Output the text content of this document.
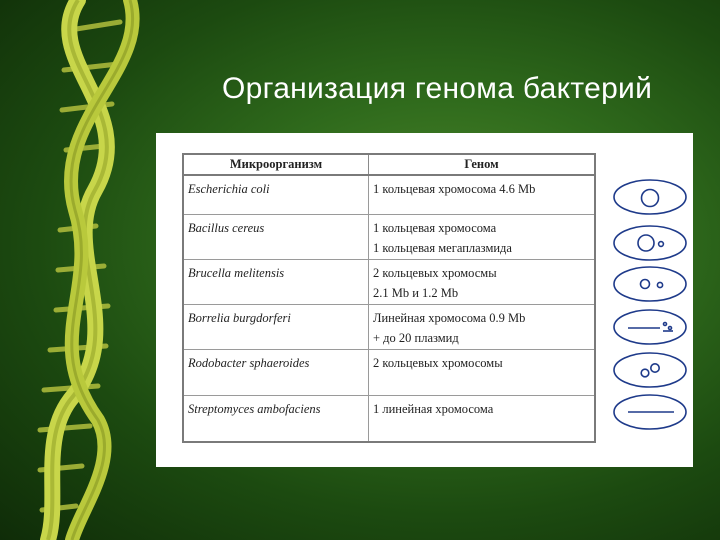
Организация генома бактерий
Микроорганизм	Геном
Escherichia coli	1 кольцевая хромосома 4.6 Mb

Bacillus cereus	1 кольцевая хромосома
1 кольцевая мегаплазмида

Brucella melitensis	2 кольцевых хромосмы
2.1 Mb и 1.2 Mb

Borrelia burgdorferi	Линейная хромосома 0.9 Mb
+ до 20 плазмид

Rodobacter sphaeroides	2 кольцевых хромосомы

Streptomyces ambofaciens	1 линейная хромосома
